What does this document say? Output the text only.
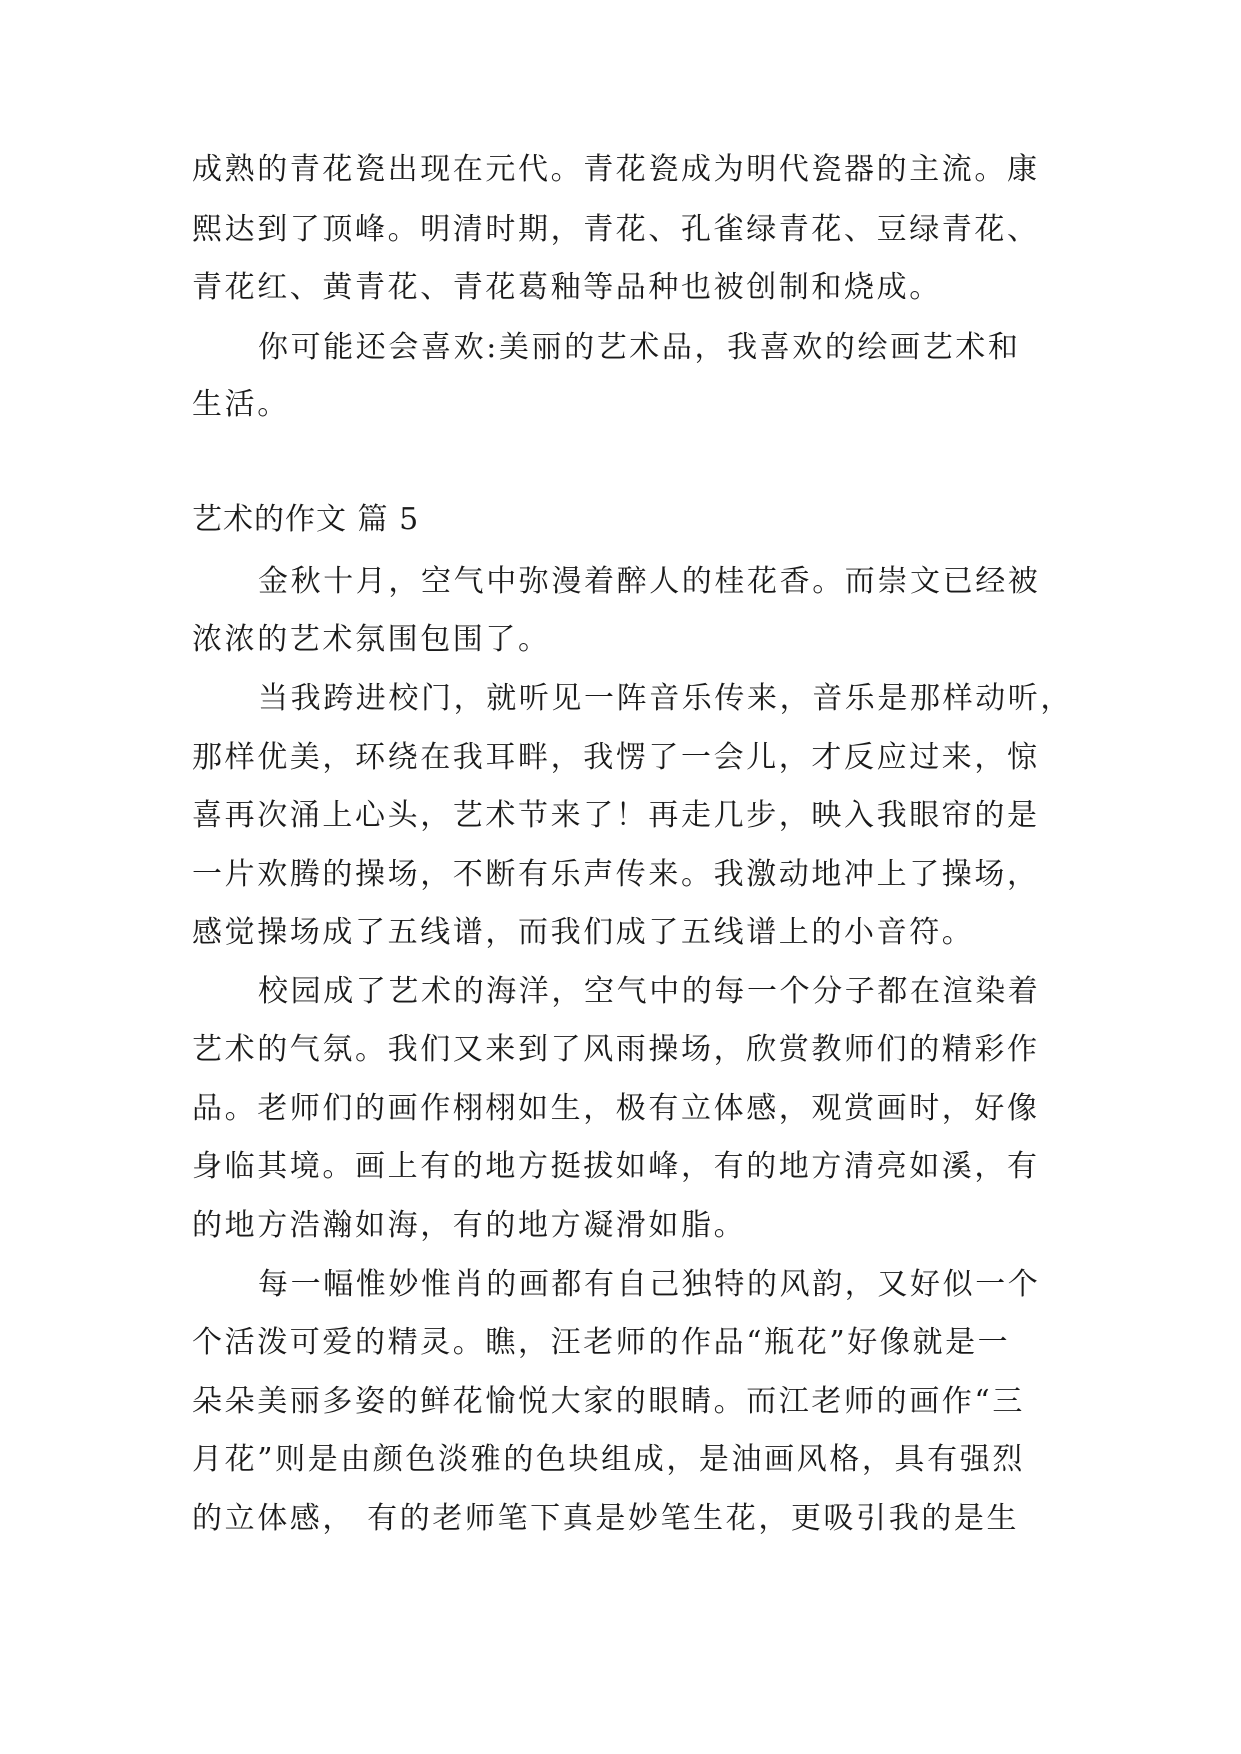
成熟的青花瓷出现在元代。青花瓷成为明代瓷器的主流。康
熙达到了顶峰。明清时期，青花、孔雀绿青花、豆绿青花、
青花红、黄青花、青花葛釉等品种也被创制和烧成。
你可能还会喜欢:美丽的艺术品，我喜欢的绘画艺术和
生活。
艺术的作文 篇 5
金秋十月，空气中弥漫着醉人的桂花香。而崇文已经被
浓浓的艺术氛围包围了。
当我跨进校门，就听见一阵音乐传来，音乐是那样动听，
那样优美，环绕在我耳畔，我愣了一会儿，才反应过来，惊
喜再次涌上心头，艺术节来了！再走几步，映入我眼帘的是
一片欢腾的操场，不断有乐声传来。我激动地冲上了操场，
感觉操场成了五线谱，而我们成了五线谱上的小音符。
校园成了艺术的海洋，空气中的每一个分子都在渲染着
艺术的气氛。我们又来到了风雨操场，欣赏教师们的精彩作
品。老师们的画作栩栩如生，极有立体感，观赏画时，好像
身临其境。画上有的地方挺拔如峰，有的地方清亮如溪，有
的地方浩瀚如海，有的地方凝滑如脂。
每一幅惟妙惟肖的画都有自己独特的风韵，又好似一个
个活泼可爱的精灵。瞧，汪老师的作品“瓶花”好像就是一
朵朵美丽多姿的鲜花愉悦大家的眼睛。而江老师的画作“三
月花”则是由颜色淡雅的色块组成，是油画风格，具有强烈
的立体感， 有的老师笔下真是妙笔生花，更吸引我的是生
